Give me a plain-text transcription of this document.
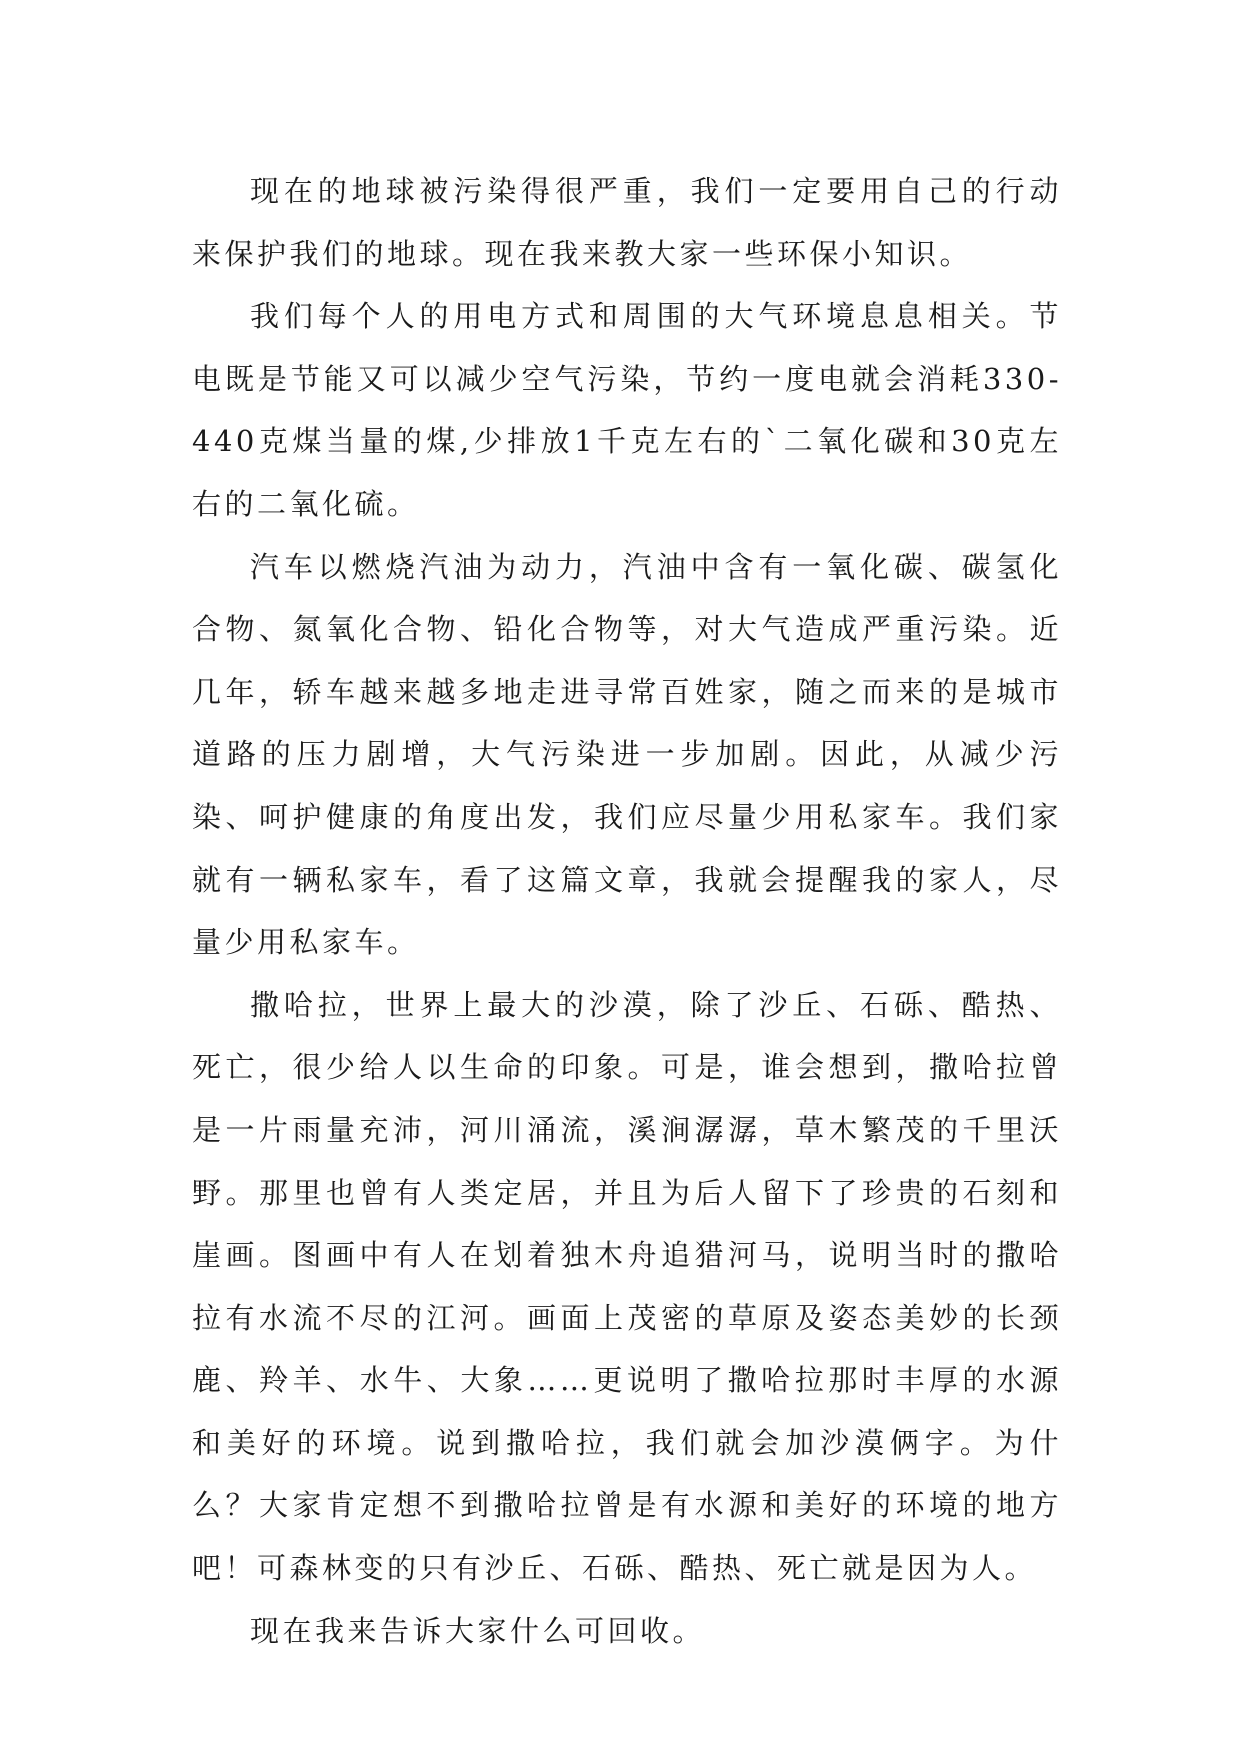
现在的地球被污染得很严重，我们一定要用自己的行动来保护我们的地球。现在我来教大家一些环保小知识。

我们每个人的用电方式和周围的大气环境息息相关。节电既是节能又可以减少空气污染，节约一度电就会消耗330-440克煤当量的煤,少排放1千克左右的`二氧化碳和30克左右的二氧化硫。

汽车以燃烧汽油为动力，汽油中含有一氧化碳、碳氢化合物、氮氧化合物、铅化合物等，对大气造成严重污染。近几年，轿车越来越多地走进寻常百姓家，随之而来的是城市道路的压力剧增，大气污染进一步加剧。因此，从减少污染、呵护健康的角度出发，我们应尽量少用私家车。我们家就有一辆私家车，看了这篇文章，我就会提醒我的家人，尽量少用私家车。

撒哈拉，世界上最大的沙漠，除了沙丘、石砾、酷热、死亡，很少给人以生命的印象。可是，谁会想到，撒哈拉曾是一片雨量充沛，河川涌流，溪涧潺潺，草木繁茂的千里沃野。那里也曾有人类定居，并且为后人留下了珍贵的石刻和崖画。图画中有人在划着独木舟追猎河马，说明当时的撒哈拉有水流不尽的江河。画面上茂密的草原及姿态美妙的长颈鹿、羚羊、水牛、大象……更说明了撒哈拉那时丰厚的水源和美好的环境。说到撒哈拉，我们就会加沙漠俩字。为什么？大家肯定想不到撒哈拉曾是有水源和美好的环境的地方吧！可森林变的只有沙丘、石砾、酷热、死亡就是因为人。

现在我来告诉大家什么可回收。
